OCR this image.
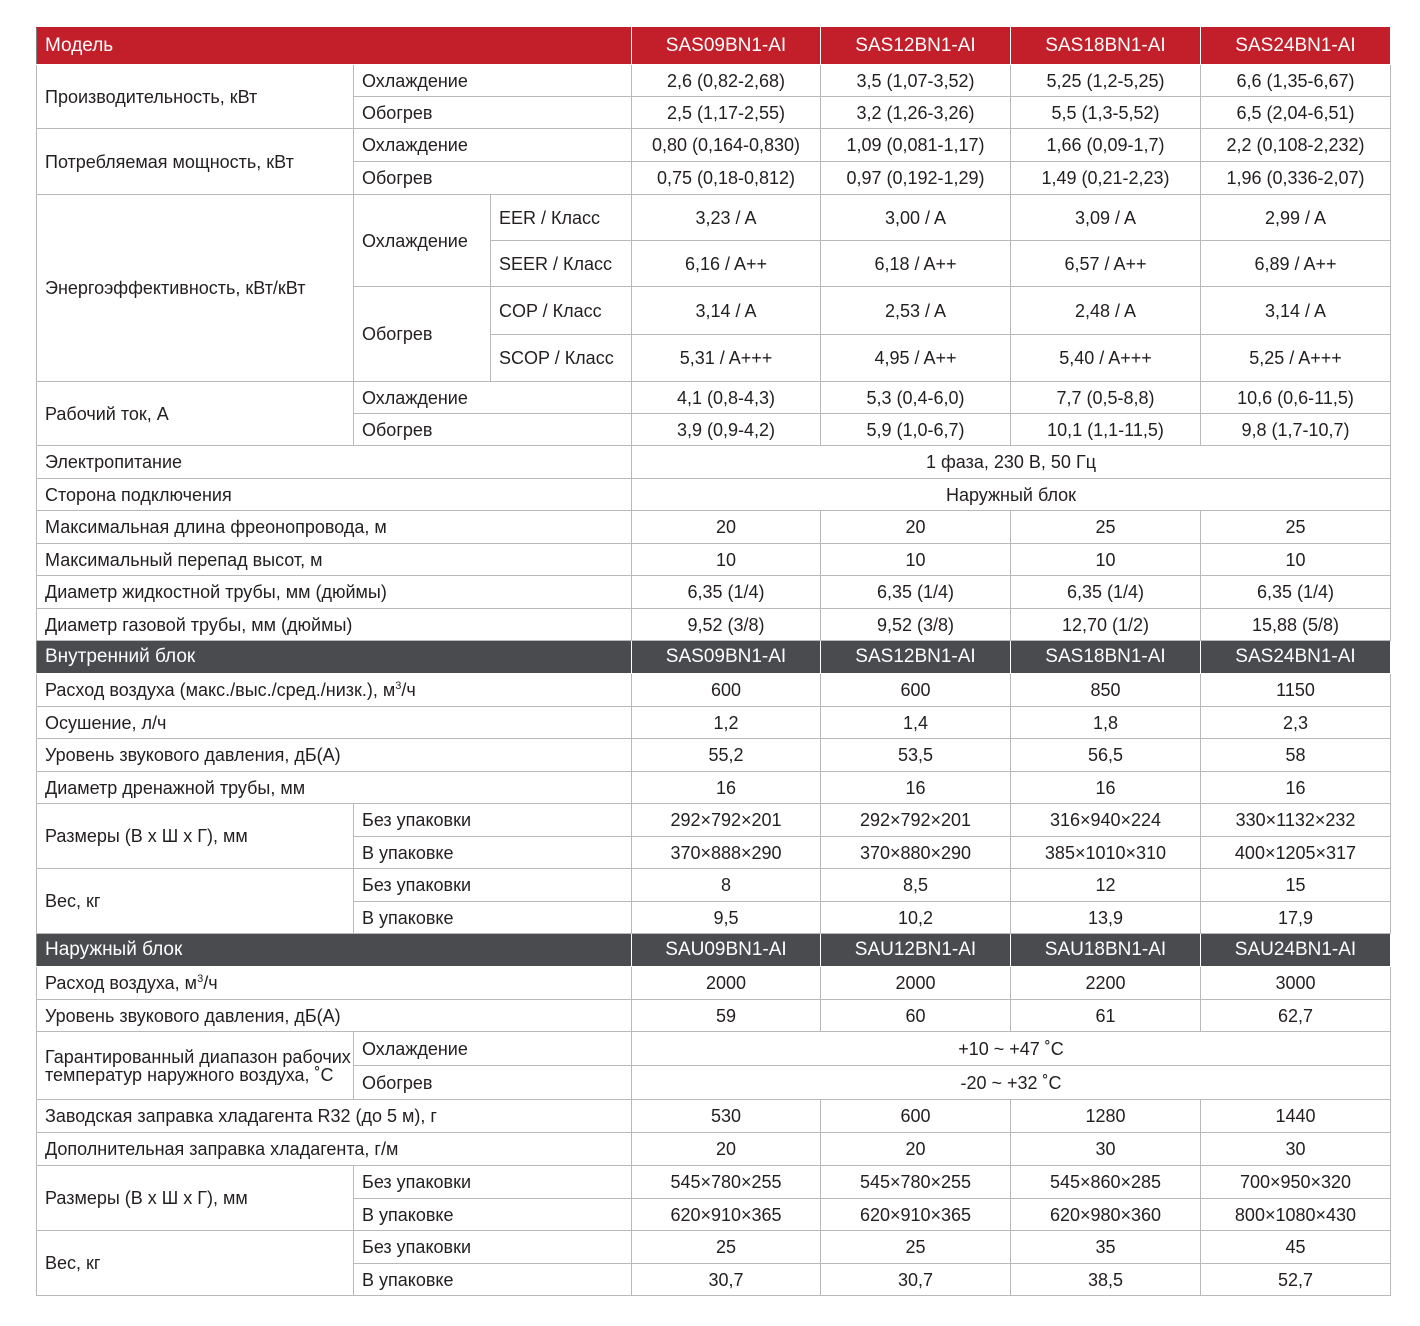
Модель			SAS09BN1-AI	SAS12BN1-AI	SAS18BN1-AI	SAS24BN1-AI
Производительность, кВт	Охлаждение		2,6 (0,82-2,68)	3,5 (1,07-3,52)	5,25 (1,2-5,25)	6,6 (1,35-6,67)
	Обогрев		2,5 (1,17-2,55)	3,2 (1,26-3,26)	5,5 (1,3-5,52)	6,5 (2,04-6,51)
Потребляемая мощность, кВт	Охлаждение		0,80 (0,164-0,830)	1,09 (0,081-1,17)	1,66 (0,09-1,7)	2,2 (0,108-2,232)
	Обогрев		0,75 (0,18-0,812)	0,97 (0,192-1,29)	1,49 (0,21-2,23)	1,96 (0,336-2,07)
Энергоэффективность, кВт/кВт	Охлаждение	EER / Класс	3,23 / A	3,00 / A	3,09 / A	2,99 / A
		SEER / Класс	6,16 / A++	6,18 / A++	6,57 / A++	6,89 / A++
	Обогрев	COP / Класс	3,14 / A	2,53 / A	2,48 / A	3,14 / A
		SCOP / Класс	5,31 / A+++	4,95 / A++	5,40 / A+++	5,25 / A+++
Рабочий ток, А	Охлаждение		4,1 (0,8-4,3)	5,3 (0,4-6,0)	7,7 (0,5-8,8)	10,6 (0,6-11,5)
	Обогрев		3,9 (0,9-4,2)	5,9 (1,0-6,7)	10,1 (1,1-11,5)	9,8 (1,7-10,7)
Электропитание			1 фаза, 230 В, 50 Гц			
Сторона подключения			Наружный блок			
Максимальная длина фреонопровода, м			20	20	25	25
Максимальный перепад высот, м			10	10	10	10
Диаметр жидкостной трубы, мм (дюймы)			6,35 (1/4)	6,35 (1/4)	6,35 (1/4)	6,35 (1/4)
Диаметр газовой трубы, мм (дюймы)			9,52 (3/8)	9,52 (3/8)	12,70 (1/2)	15,88 (5/8)
Внутренний блок			SAS09BN1-AI	SAS12BN1-AI	SAS18BN1-AI	SAS24BN1-AI
Расход воздуха (макс./выс./сред./низк.), $м^3/ч$			600	600	850	1150
Осушение, л/ч			1,2	1,4	1,8	2,3
Уровень звукового давления, дБ(А)			55,2	53,5	56,5	58
Диаметр дренажной трубы, мм			16	16	16	16
Размеры (В х Ш х Г), мм	Без упаковки		292×792×201	292×792×201	316×940×224	330×1132×232
	В упаковке		370×888×290	370×880×290	385×1010×310	400×1205×317
Вес, кг	Без упаковки		8	8,5	12	15
	В упаковке		9,5	10,2	13,9	17,9
Наружный блок			SAU09BN1-AI	SAU12BN1-AI	SAU18BN1-AI	SAU24BN1-AI
Расход воздуха, $м^3/ч$			2000	2000	2200	3000
Уровень звукового давления, дБ(А)			59	60	61	62,7
Гарантированный диапазон рабочих температур наружного воздуха, ˚С	Охлаждение		+10 ~ +47 ˚С			
	Обогрев		-20 ~ +32 ˚С			
Заводская заправка хладагента R32 (до 5 м), г			530	600	1280	1440
Дополнительная заправка хладагента, г/м			20	20	30	30
Размеры (В х Ш х Г), мм	Без упаковки		545×780×255	545×780×255	545×860×285	700×950×320
	В упаковке		620×910×365	620×910×365	620×980×360	800×1080×430
Вес, кг	Без упаковки		25	25	35	45
	В упаковке		30,7	30,7	38,5	52,7
